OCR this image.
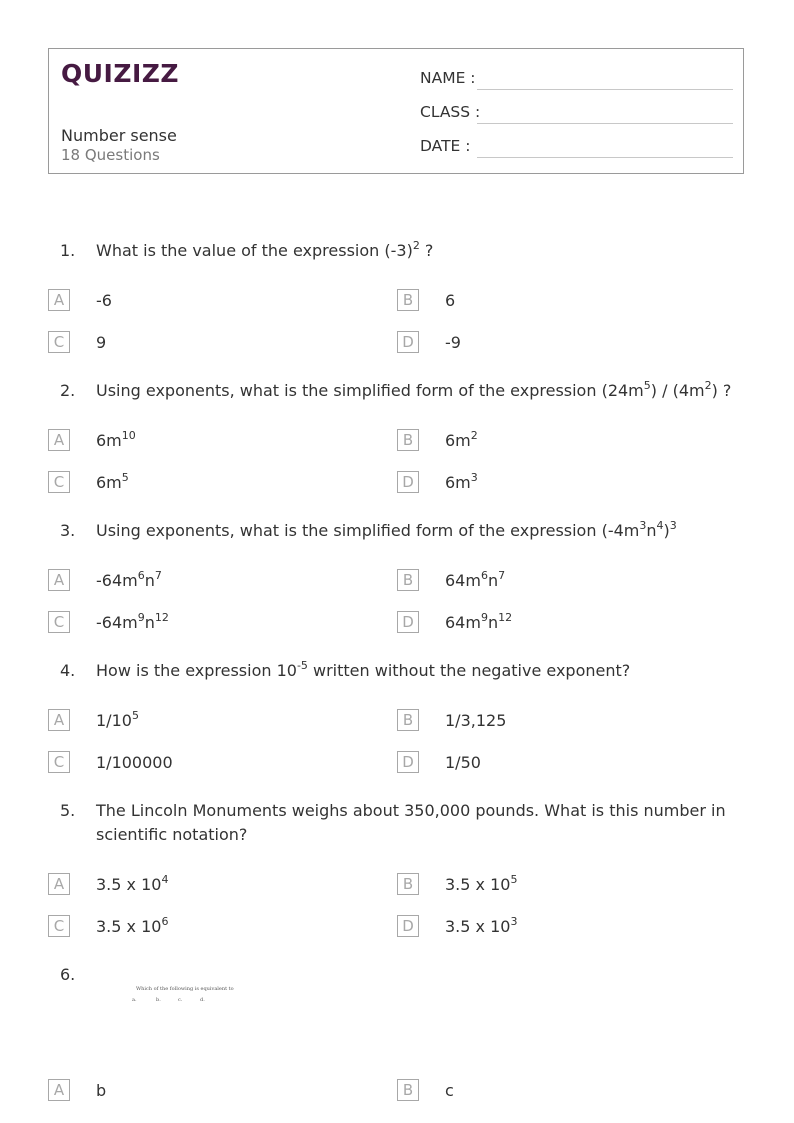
QUIZIZZ
Number sense
18 Questions
NAME :
CLASS :
DATE :
1. What is the value of the expression $(-3)^2$ ?
A	-6	B	6
C	9	D	-9
2. Using exponents, what is the simplified form of the expression $(24m^5) / (4m^2)$ ?
A	$6m^{10}$	B	$6m^2$
C	$6m^5$	D	$6m^3$
3. Using exponents, what is the simplified form of the expression $(-4m^3n^4)^3$
A	$-64m^6n^7$	B	$64m^6n^7$
C	$-64m^9n^{12}$	D	$64m^9n^{12}$
4. How is the expression $10^{-5}$ written without the negative exponent?
A	$1/10^5$	B	1/3,125
C	1/100000	D	1/50
5. The Lincoln Monuments weighs about 350,000 pounds. What is this number in scientific notation?
A	3.5 x $10^4$	B	3.5 x $10^5$
C	3.5 x $10^6$	D	3.5 x $10^3$
6.
Which of the following is equivalent to
a.	b.	c.	d.
A	b	B	c
